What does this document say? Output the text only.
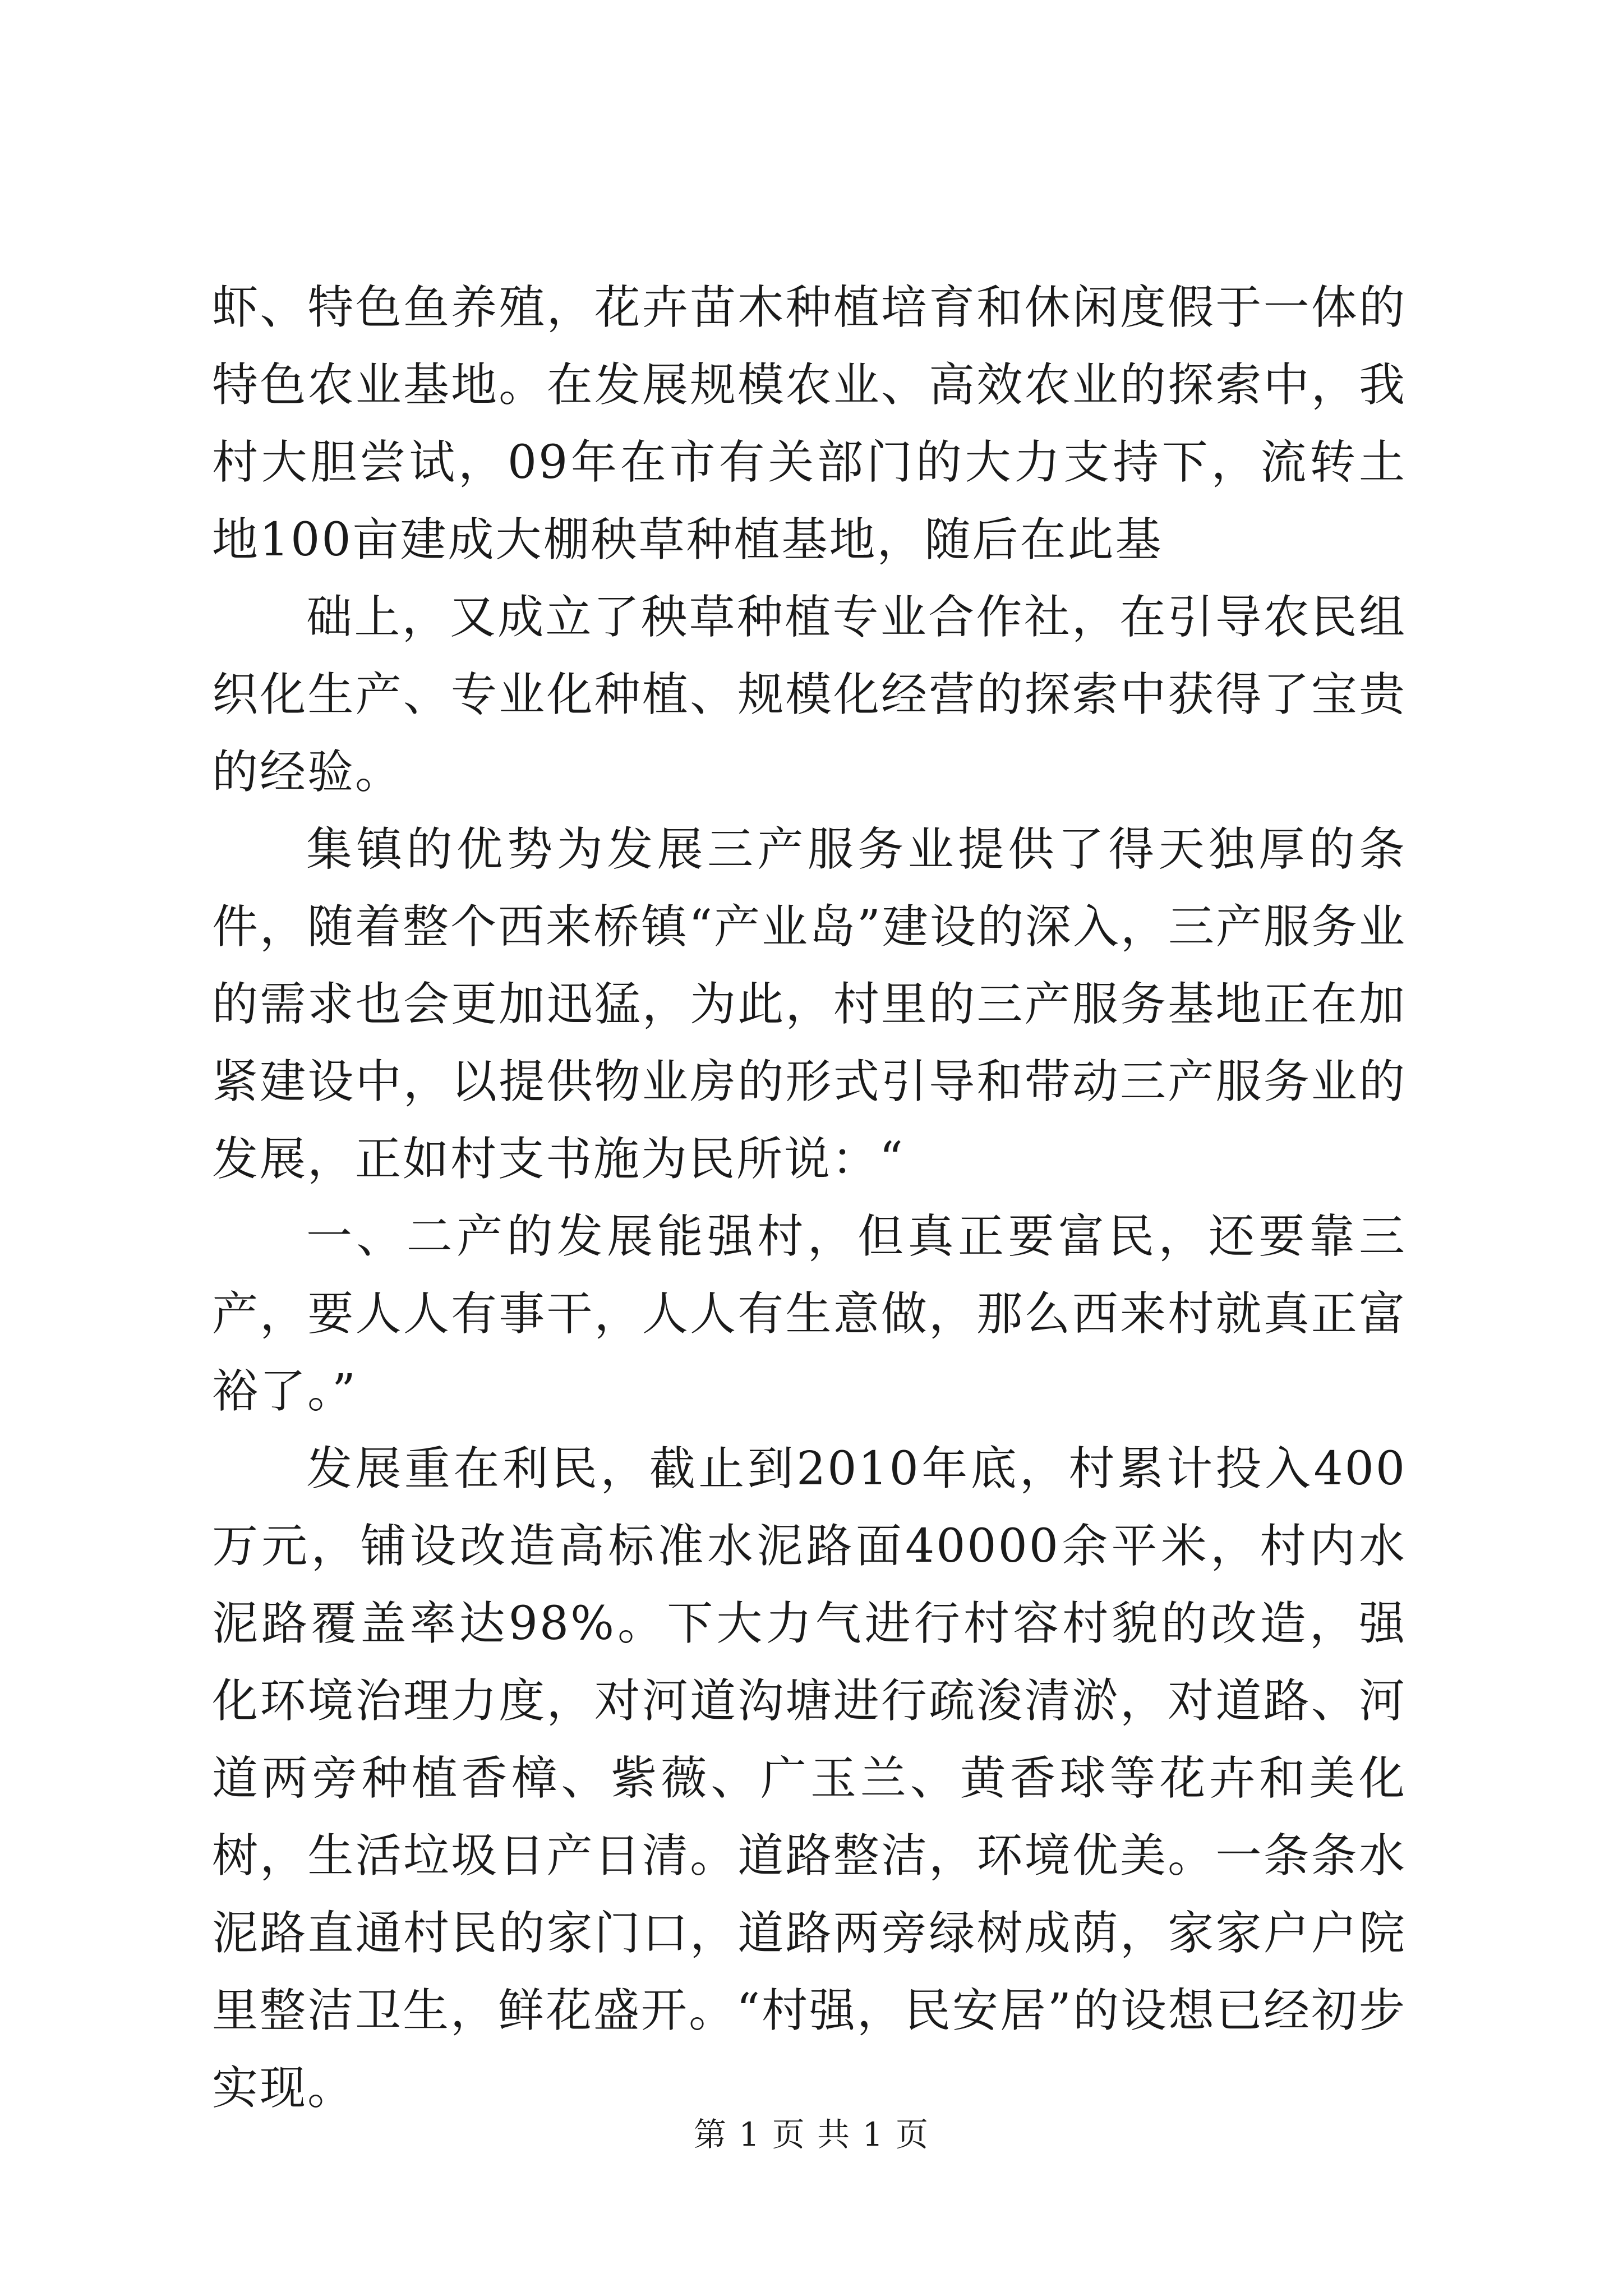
虾、特色鱼养殖，花卉苗木种植培育和休闲度假于一体的特色农业基地。在发展规模农业、高效农业的探索中，我村大胆尝试，09年在市有关部门的大力支持下，流转土地100亩建成大棚秧草种植基地，随后在此基

础上，又成立了秧草种植专业合作社，在引导农民组织化生产、专业化种植、规模化经营的探索中获得了宝贵的经验。

集镇的优势为发展三产服务业提供了得天独厚的条件，随着整个西来桥镇“产业岛”建设的深入，三产服务业的需求也会更加迅猛，为此，村里的三产服务基地正在加紧建设中，以提供物业房的形式引导和带动三产服务业的发展，正如村支书施为民所说：“

一、二产的发展能强村，但真正要富民，还要靠三产，要人人有事干，人人有生意做，那么西来村就真正富裕了。”

发展重在利民，截止到2010年底，村累计投入400万元，铺设改造高标准水泥路面40000余平米，村内水泥路覆盖率达98%。下大力气进行村容村貌的改造，强化环境治理力度，对河道沟塘进行疏浚清淤，对道路、河道两旁种植香樟、紫薇、广玉兰、黄香球等花卉和美化树，生活垃圾日产日清。道路整洁，环境优美。一条条水泥路直通村民的家门口，道路两旁绿树成荫，家家户户院里整洁卫生，鲜花盛开。“村强，民安居”的设想已经初步实现。

第 1 页 共 1 页
